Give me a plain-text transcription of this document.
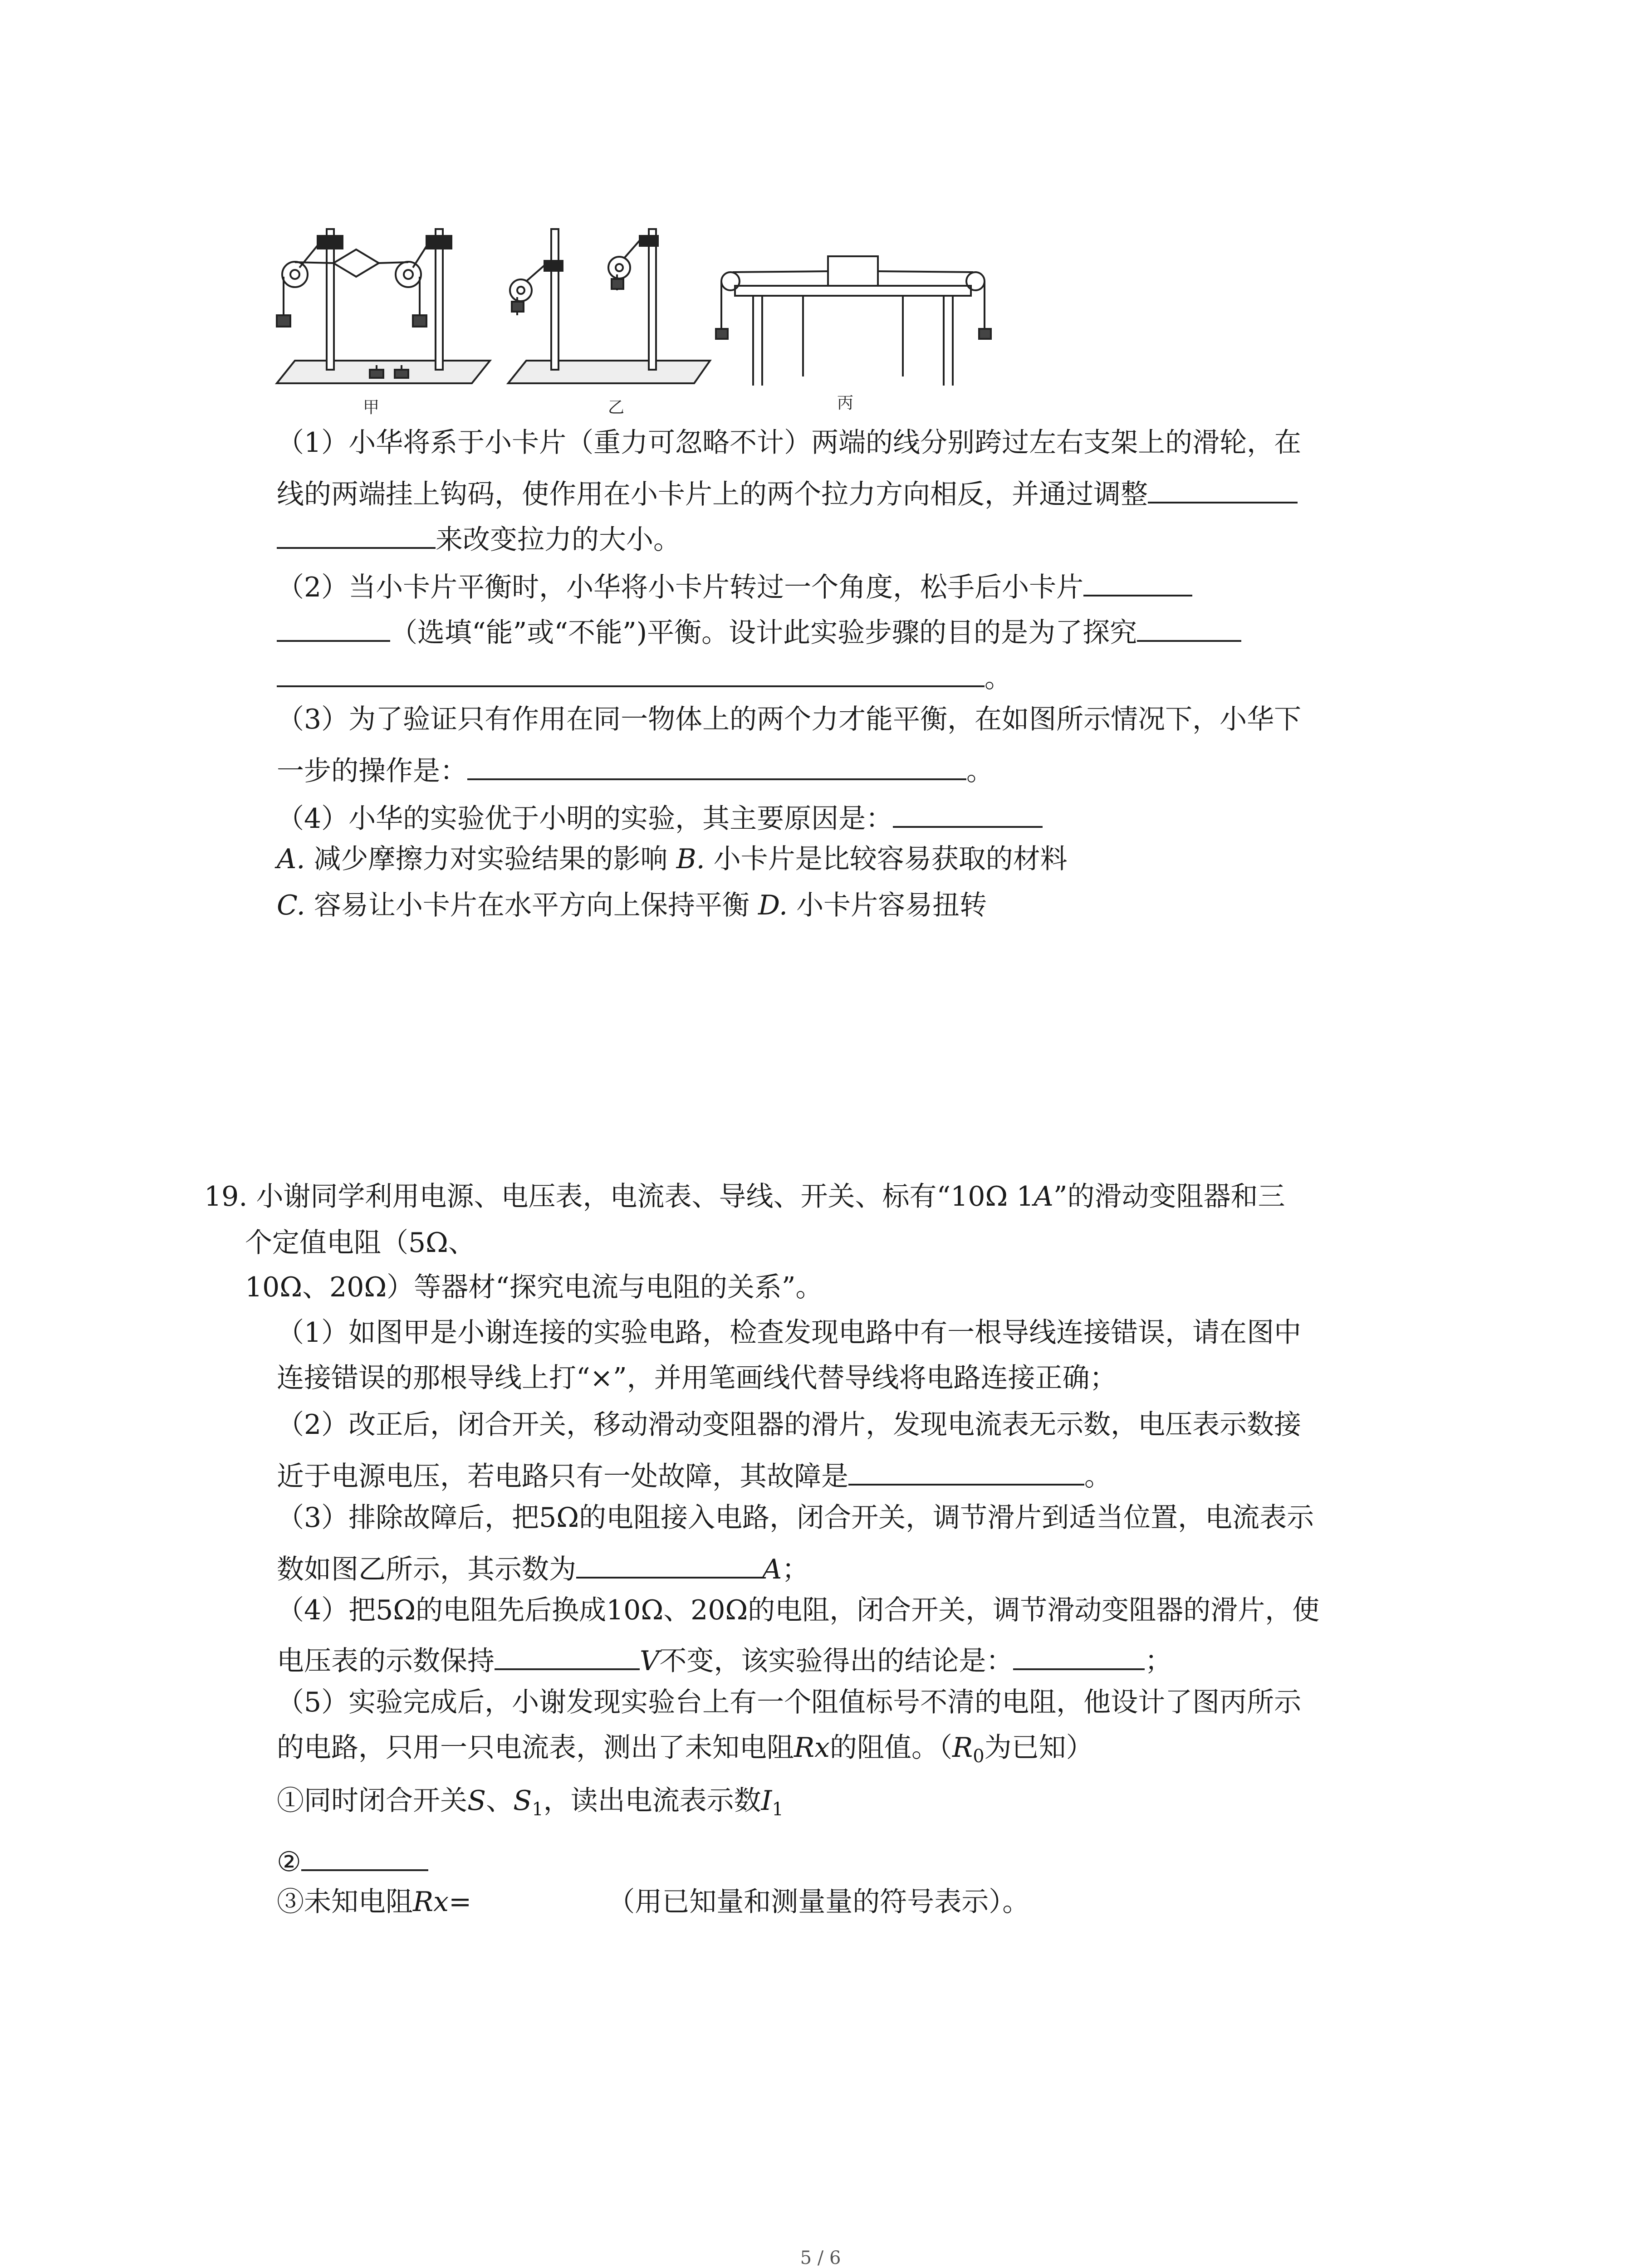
甲	乙	丙
（1）小华将系于小卡片（重力可忽略不计）两端的线分别跨过左右支架上的滑轮，在
线的两端挂上钩码，使作用在小卡片上的两个拉力方向相反，并通过调整
来改变拉力的大小。
（2）当小卡片平衡时，小华将小卡片转过一个角度，松手后小卡片
（选填“能”或“不能”)平衡。设计此实验步骤的目的是为了探究
。
（3）为了验证只有作用在同一物体上的两个力才能平衡，在如图所示情况下，小华下
一步的操作是：	。
（4）小华的实验优于小明的实验，其主要原因是：
A. 减少摩擦力对实验结果的影响 B. 小卡片是比较容易获取的材料
C. 容易让小卡片在水平方向上保持平衡 D. 小卡片容易扭转
19. 小谢同学利用电源、电压表，电流表、导线、开关、标有“10Ω 1A”的滑动变阻器和三
个定值电阻（5Ω、
10Ω、20Ω）等器材“探究电流与电阻的关系”。
（1）如图甲是小谢连接的实验电路，检查发现电路中有一根导线连接错误，请在图中
连接错误的那根导线上打“×”，并用笔画线代替导线将电路连接正确；
（2）改正后，闭合开关，移动滑动变阻器的滑片，发现电流表无示数，电压表示数接
近于电源电压，若电路只有一处故障，其故障是	。
（3）排除故障后，把5Ω的电阻接入电路，闭合开关，调节滑片到适当位置，电流表示
数如图乙所示，其示数为	A；
（4）把5Ω的电阻先后换成10Ω、20Ω的电阻，闭合开关，调节滑动变阻器的滑片，使
电压表的示数保持	V不变，该实验得出的结论是：	；
（5）实验完成后，小谢发现实验台上有一个阻值标号不清的电阻，他设计了图丙所示
的电路，只用一只电流表，测出了未知电阻Rx的阻值。（$R_0$为已知）
①同时闭合开关S、$S_1$，读出电流表示数$I_1$
②
③未知电阻Rx=	（用已知量和测量量的符号表示）。
5 / 6
